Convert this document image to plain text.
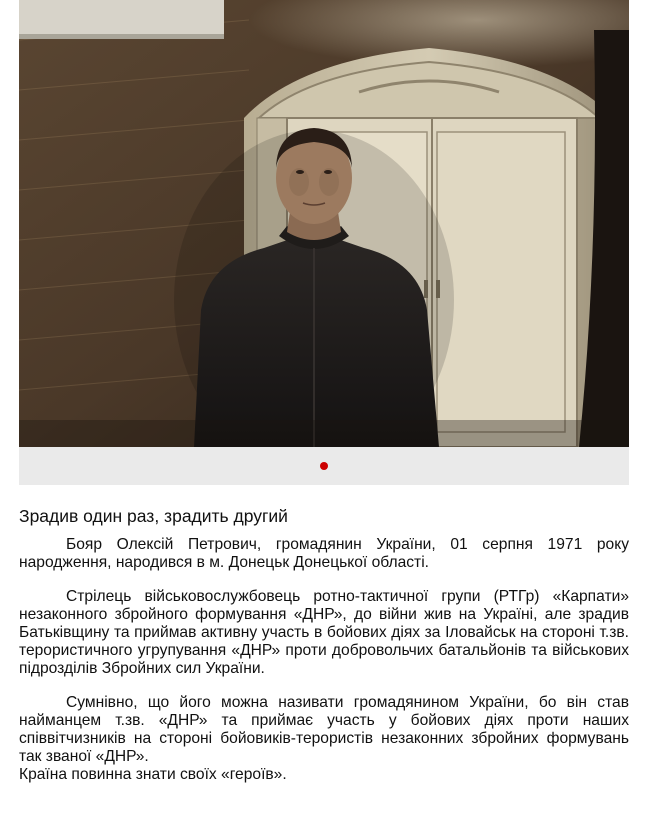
Зрадив один раз, зрадить другий

Бояр Олексій Петрович, громадянин України, 01 серпня 1971 року народження, народився в м. Донецьк Донецької області.

Стрілець військовослужбовець ротно-тактичної групи (РТГр) «Карпати» незаконного збройного формування «ДНР», до війни жив на Україні, але зрадив Батьківщину та приймав активну участь в бойових діях за Іловайськ на стороні т.зв. терористичного угрупування «ДНР» проти добровольчих батальйонів та військових підрозділів Збройних сил України.

Сумнівно, що його можна називати громадянином України, бо він став найманцем т.зв. «ДНР» та приймає участь у бойових діях проти наших співвітчизників на стороні бойовиків-терористів незаконних збройних формувань так званої «ДНР».

Країна повинна знати своїх «героїв».
